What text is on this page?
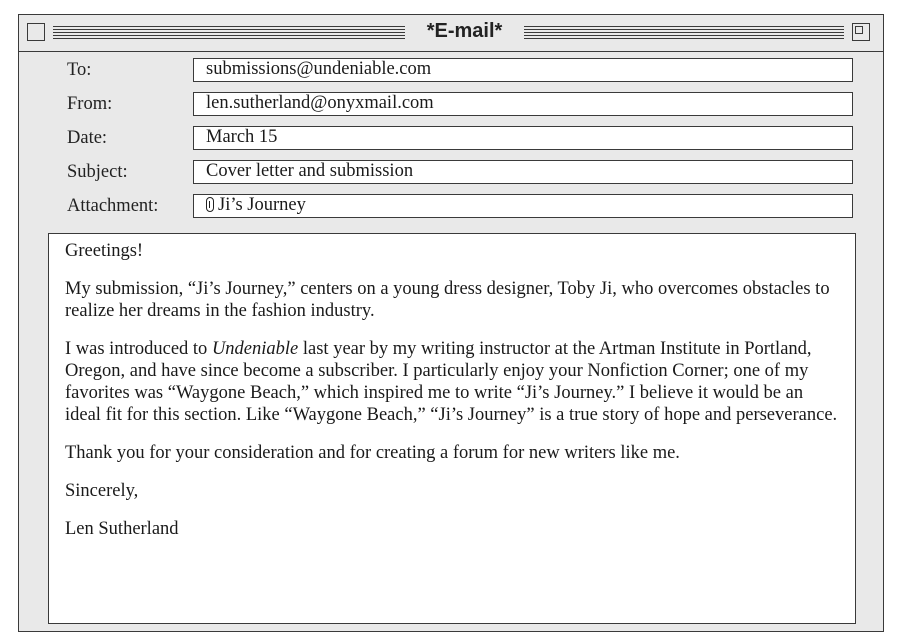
*E-mail*
To:	submissions@undeniable.com
From:	len.sutherland@onyxmail.com
Date:	March 15
Subject:	Cover letter and submission
Attachment:	Ji’s Journey

Greetings!

My submission, “Ji’s Journey,” centers on a young dress designer, Toby Ji, who overcomes obstacles to realize her dreams in the fashion industry.

I was introduced to Undeniable last year by my writing instructor at the Artman Institute in Portland, Oregon, and have since become a subscriber. I particularly enjoy your Nonfiction Corner; one of my favorites was “Waygone Beach,” which inspired me to write “Ji’s Journey.” I believe it would be an ideal fit for this section. Like “Waygone Beach,” “Ji’s Journey” is a true story of hope and perseverance.

Thank you for your consideration and for creating a forum for new writers like me.

Sincerely,

Len Sutherland
